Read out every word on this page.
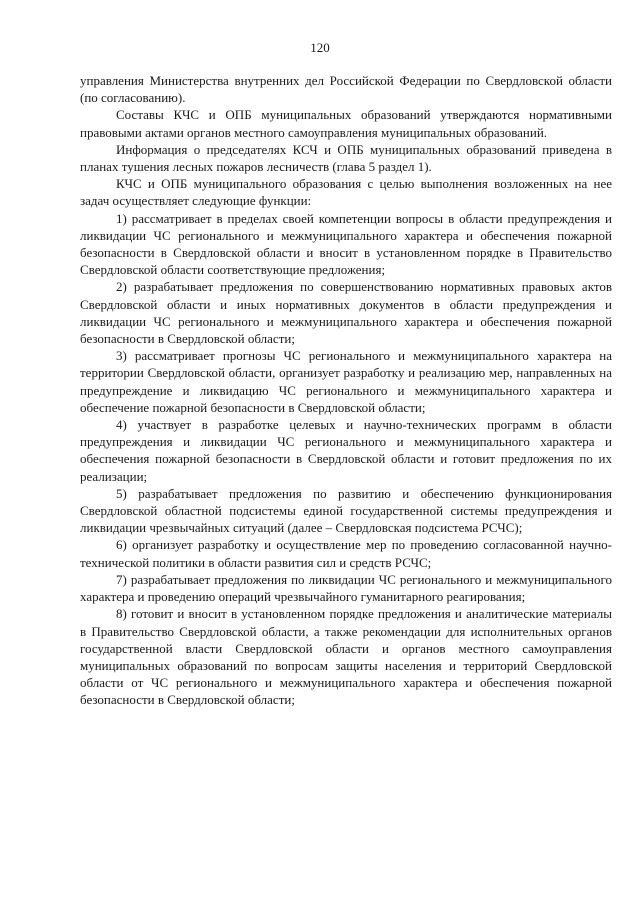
120

управления Министерства внутренних дел Российской Федерации по Свердловской области (по согласованию).

Составы КЧС и ОПБ муниципальных образований утверждаются нормативными правовыми актами органов местного самоуправления муниципальных образований.

Информация о председателях КСЧ и ОПБ муниципальных образований приведена в планах тушения лесных пожаров лесничеств (глава 5 раздел 1).

КЧС и ОПБ муниципального образования с целью выполнения возложенных на нее задач осуществляет следующие функции:

1) рассматривает в пределах своей компетенции вопросы в области предупреждения и ликвидации ЧС регионального и межмуниципального характера и обеспечения пожарной безопасности в Свердловской области и вносит в установленном порядке в Правительство Свердловской области соответствующие предложения;

2) разрабатывает предложения по совершенствованию нормативных правовых актов Свердловской области и иных нормативных документов в области предупреждения и ликвидации ЧС регионального и межмуниципального характера и обеспечения пожарной безопасности в Свердловской области;

3) рассматривает прогнозы ЧС регионального и межмуниципального характера на территории Свердловской области, организует разработку и реализацию мер, направленных на предупреждение и ликвидацию ЧС регионального и межмуниципального характера и обеспечение пожарной безопасности в Свердловской области;

4) участвует в разработке целевых и научно-технических программ в области предупреждения и ликвидации ЧС регионального и межмуниципального характера и обеспечения пожарной безопасности в Свердловской области и готовит предложения по их реализации;

5) разрабатывает предложения по развитию и обеспечению функционирования Свердловской областной подсистемы единой государственной системы предупреждения и ликвидации чрезвычайных ситуаций (далее – Свердловская подсистема РСЧС);

6) организует разработку и осуществление мер по проведению согласованной научно-технической политики в области развития сил и средств РСЧС;

7) разрабатывает предложения по ликвидации ЧС регионального и межмуниципального характера и проведению операций чрезвычайного гуманитарного реагирования;

8) готовит и вносит в установленном порядке предложения и аналитические материалы в Правительство Свердловской области, а также рекомендации для исполнительных органов государственной власти Свердловской области и органов местного самоуправления муниципальных образований по вопросам защиты населения и территорий Свердловской области от ЧС регионального и межмуниципального характера и обеспечения пожарной безопасности в Свердловской области;
